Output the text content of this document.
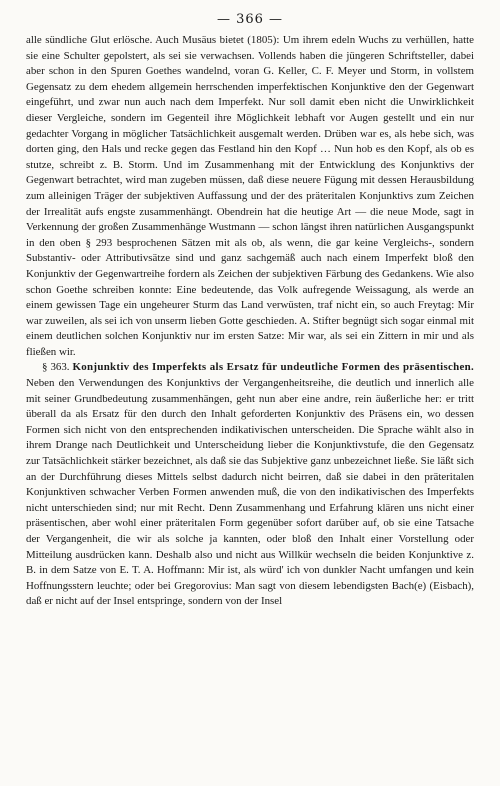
— 366 —

alle sündliche Glut erlösche. Auch Musäus bietet (1805): Um ihrem edeln Wuchs zu verhüllen, hatte sie eine Schulter gepolstert, als sei sie verwachsen. Vollends haben die jüngeren Schriftsteller, dabei aber schon in den Spuren Goethes wandelnd, voran G. Keller, C. F. Meyer und Storm, in vollstem Gegensatz zu dem ehedem allgemein herrschenden imperfektischen Konjunktive den der Gegenwart eingeführt, und zwar nun auch nach dem Imperfekt. Nur soll damit eben nicht die Unwirklichkeit dieser Vergleiche, sondern im Gegenteil ihre Möglichkeit lebhaft vor Augen gestellt und ein nur gedachter Vorgang in möglicher Tatsächlichkeit ausgemalt werden. Drüben war es, als hebe sich, was dorten ging, den Hals und recke gegen das Festland hin den Kopf … Nun hob es den Kopf, als ob es stutze, schreibt z. B. Storm. Und im Zusammenhang mit der Entwicklung des Konjunktivs der Gegenwart betrachtet, wird man zugeben müssen, daß diese neuere Fügung mit dessen Herausbildung zum alleinigen Träger der subjektiven Auffassung und der des präteritalen Konjunktivs zum Zeichen der Irrealität aufs engste zusammenhängt. Obendrein hat die heutige Art — die neue Mode, sagt in Verkennung der großen Zusammenhänge Wustmann — schon längst ihren natürlichen Ausgangspunkt in den oben § 293 besprochenen Sätzen mit als ob, als wenn, die gar keine Vergleichs-, sondern Substantiv- oder Attributivsätze sind und ganz sachgemäß auch nach einem Imperfekt bloß den Konjunktiv der Gegenwartreihe fordern als Zeichen der subjektiven Färbung des Gedankens. Wie also schon Goethe schreiben konnte: Eine bedeutende, das Volk aufregende Weissagung, als werde an einem gewissen Tage ein ungeheurer Sturm das Land verwüsten, traf nicht ein, so auch Freytag: Mir war zuweilen, als sei ich von unserm lieben Gotte geschieden. A. Stifter begnügt sich sogar einmal mit einem deutlichen solchen Konjunktiv nur im ersten Satze: Mir war, als sei ein Zittern in mir und als fließen wir.

§ 363. Konjunktiv des Imperfekts als Ersatz für undeutliche Formen des präsentischen. Neben den Verwendungen des Konjunktivs der Vergangenheitsreihe, die deutlich und innerlich alle mit seiner Grundbedeutung zusammenhängen, geht nun aber eine andre, rein äußerliche her: er tritt überall da als Ersatz für den durch den Inhalt geforderten Konjunktiv des Präsens ein, wo dessen Formen sich nicht von den entsprechenden indikativischen unterscheiden. Die Sprache wählt also in ihrem Drange nach Deutlichkeit und Unterscheidung lieber die Konjunktivstufe, die den Gegensatz zur Tatsächlichkeit stärker bezeichnet, als daß sie das Subjektive ganz unbezeichnet ließe. Sie läßt sich an der Durchführung dieses Mittels selbst dadurch nicht beirren, daß sie dabei in den präteritalen Konjunktiven schwacher Verben Formen anwenden muß, die von den indikativischen des Imperfekts nicht unterschieden sind; nur mit Recht. Denn Zusammenhang und Erfahrung klären uns nicht einer präsentischen, aber wohl einer präteritalen Form gegenüber sofort darüber auf, ob sie eine Tatsache der Vergangenheit, die wir als solche ja kannten, oder bloß den Inhalt einer Vorstellung oder Mitteilung ausdrücken kann. Deshalb also und nicht aus Willkür wechseln die beiden Konjunktive z. B. in dem Satze von E. T. A. Hoffmann: Mir ist, als würd' ich von dunkler Nacht umfangen und kein Hoffnungsstern leuchte; oder bei Gregorovius: Man sagt von diesem lebendigsten Bach(e) (Eisbach), daß er nicht auf der Insel entspringe, sondern von der Insel
